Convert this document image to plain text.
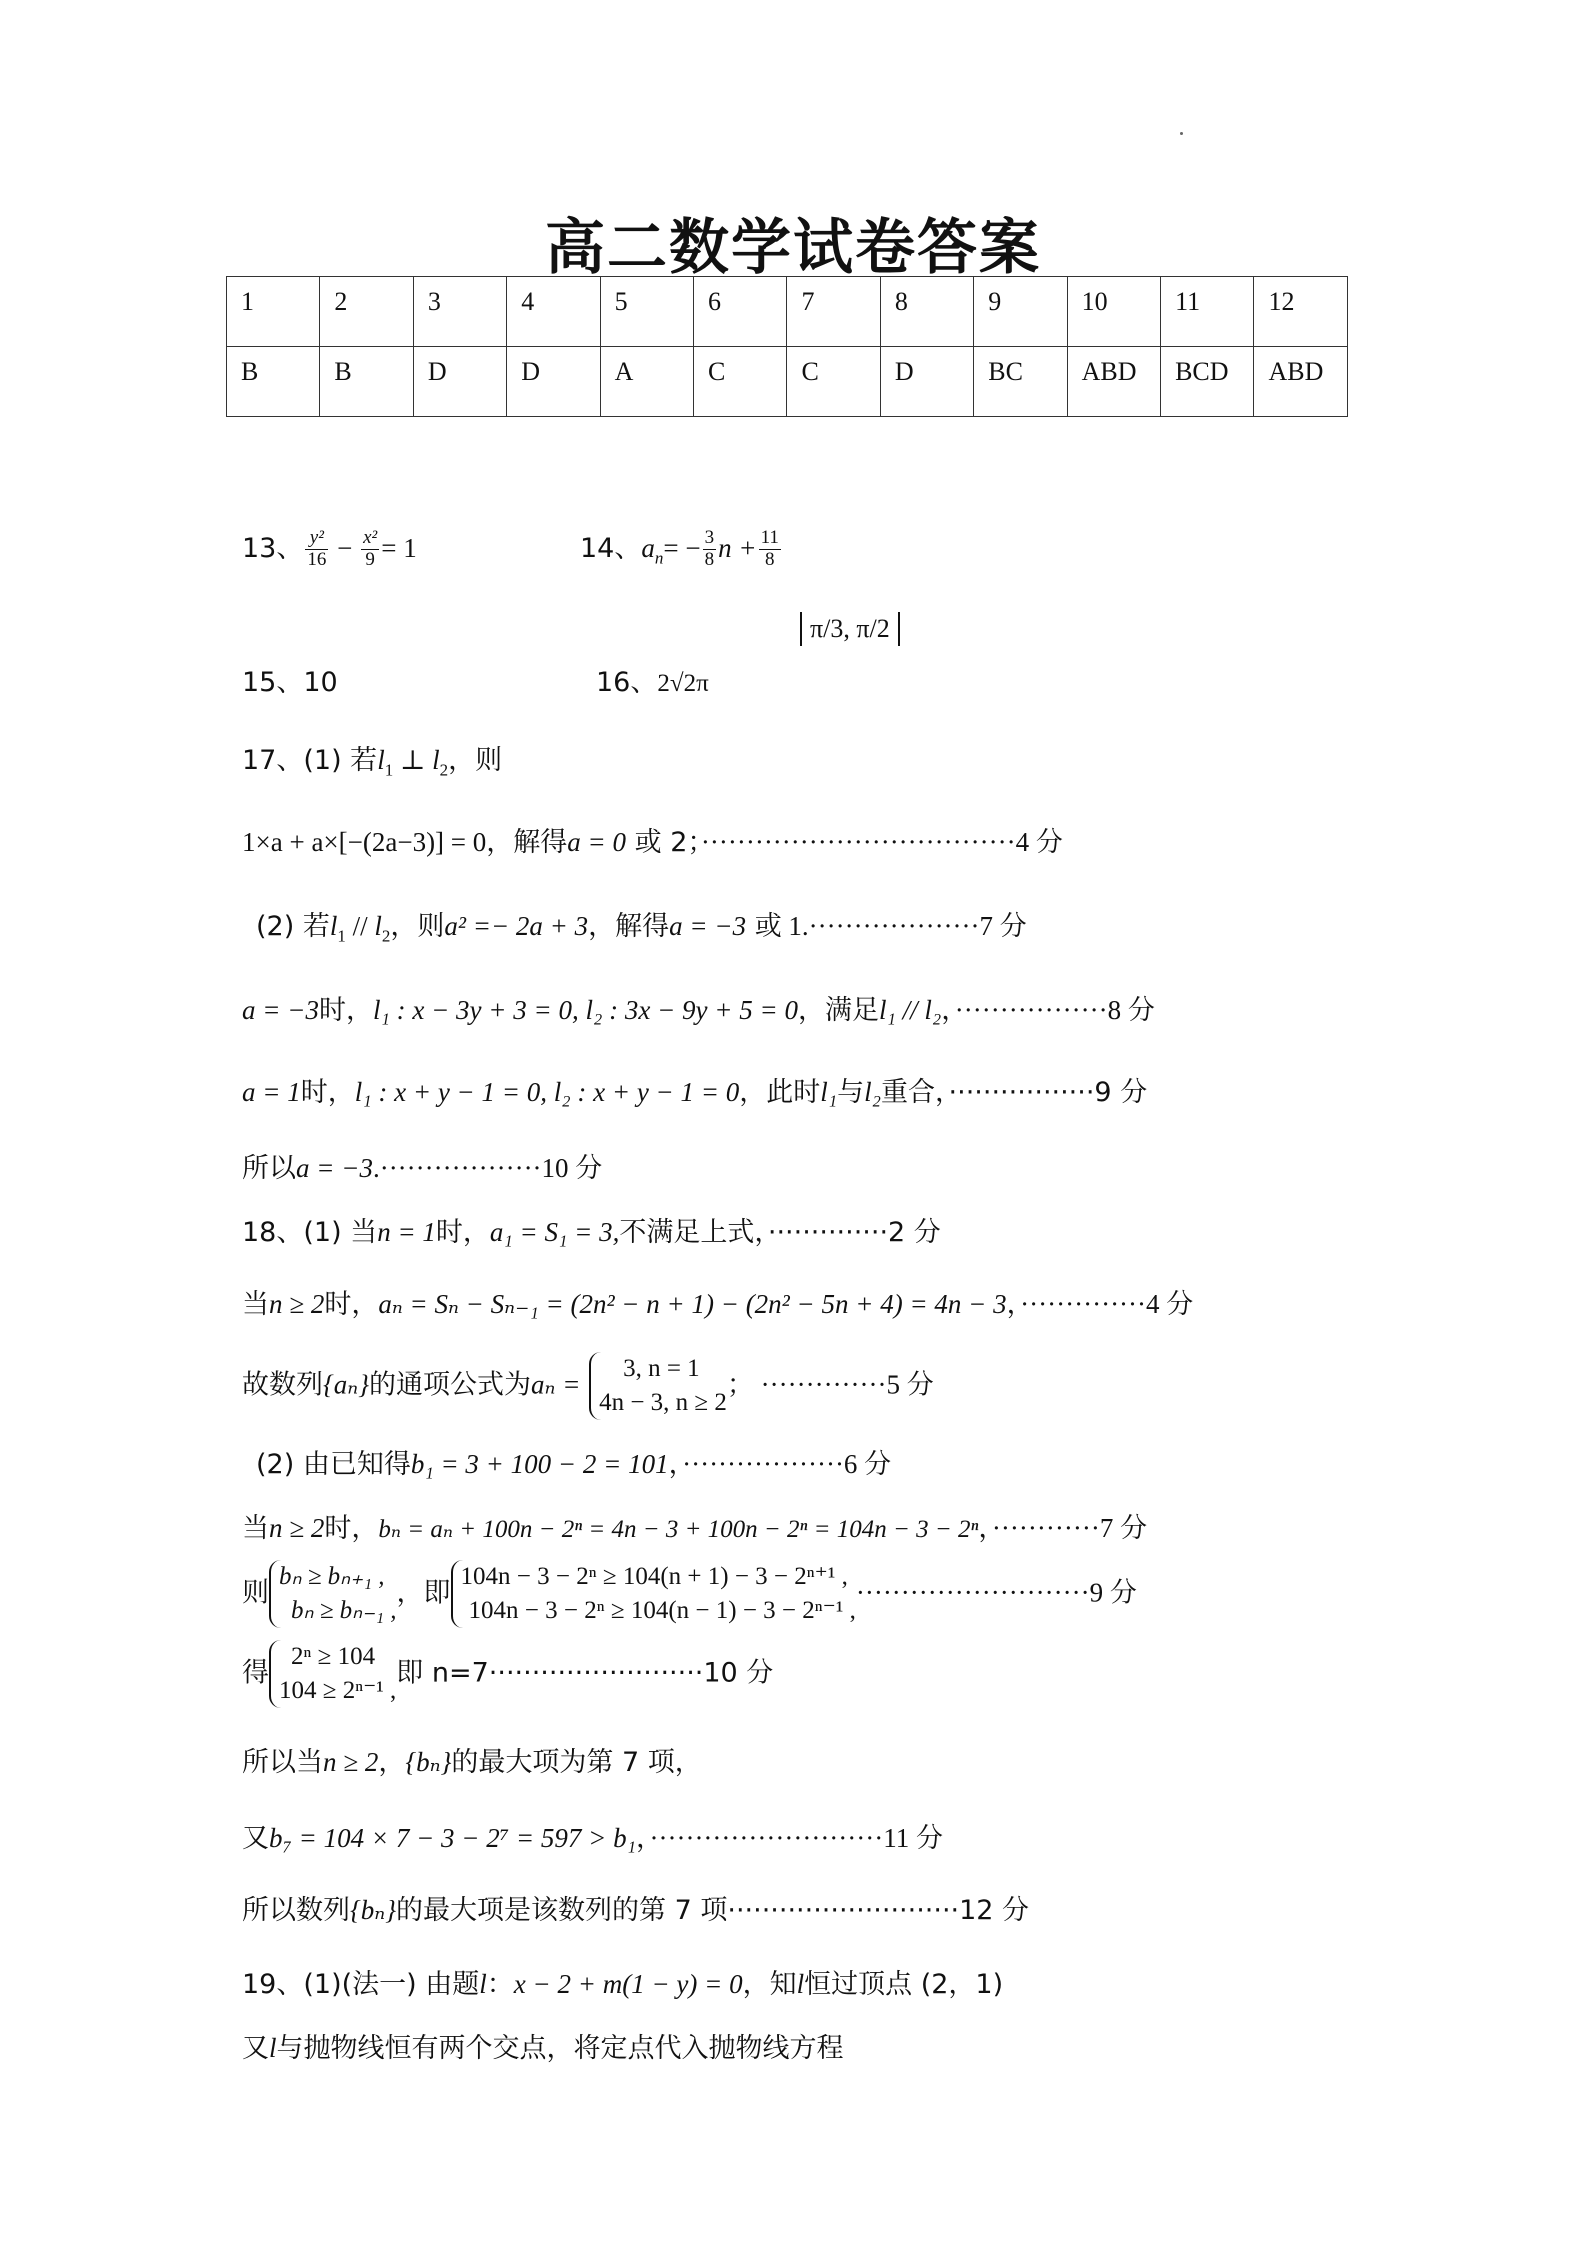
高二数学试卷答案
1	2	3	4	5	6	7	8	9	10	11	12
B	B	D	D	A	C	C	D	BC	ABD	BCD	ABD
13、 $\frac{\text{y²}}{16} - \frac{\text{x²}}{9} = 1$	14、$a_n= - \frac{3}{8}$ $n + \frac{11}{8}$
15、10	16、2√2π
π/3, π/2
17、(1) 若$l_1$ ⊥ $l_2$，则
1×a + a×[−(2a−3)] = 0，解得a = 0 或 2；···································4 分
(2) 若$l_1 // l_2$，则a² =− 2a + 3，解得a = −3 或 1.···················7 分
a = −3时，l₁ : x − 3y + 3 = 0, l₂ : 3x − 9y + 5 = 0，满足l₁ // l₂，·················8 分
a = 1时，l₁ : x + y − 1 = 0, l₂ : x + y − 1 = 0，此时l₁与l₂重合，·················9 分
所以a = −3.··················10 分
18、(1) 当n = 1时，a₁ = S₁ = 3,不满足上式，··············2 分
当n ≥ 2时，aₙ = Sₙ − Sₙ₋₁ = (2n² − n + 1) − (2n² − 5n + 4) = 4n − 3，··············4 分
故数列{aₙ}的通项公式为aₙ =
3, n = 1
4n − 3, n ≥ 2
； ··············5 分
(2) 由已知得b₁ = 3 + 100 − 2 = 101，··················6 分
当n ≥ 2时，bₙ = aₙ + 100n − 2ⁿ = 4n − 3 + 100n − 2ⁿ = 104n − 3 − 2ⁿ，············7 分
则
bₙ ≥ bₙ₊₁ ,
bₙ ≥ bₙ₋₁ ,
，即
104n − 3 − 2ⁿ ≥ 104(n + 1) − 3 − 2ⁿ⁺¹ ,
104n − 3 − 2ⁿ ≥ 104(n − 1) − 3 − 2ⁿ⁻¹ ,
··························9 分
得
2ⁿ ≥ 104
104 ≥ 2ⁿ⁻¹ ,
即 n=7·························10 分
所以当n ≥ 2，{bₙ}的最大项为第 7 项，
又b₇ = 104 × 7 − 3 − 2⁷ = 597 > b₁，··························11 分
所以数列{bₙ}的最大项是该数列的第 7 项···························12 分
19、(1)(法一) 由题l：x − 2 + m(1 − y) = 0，知l恒过顶点 (2，1)
又l与抛物线恒有两个交点，将定点代入抛物线方程
